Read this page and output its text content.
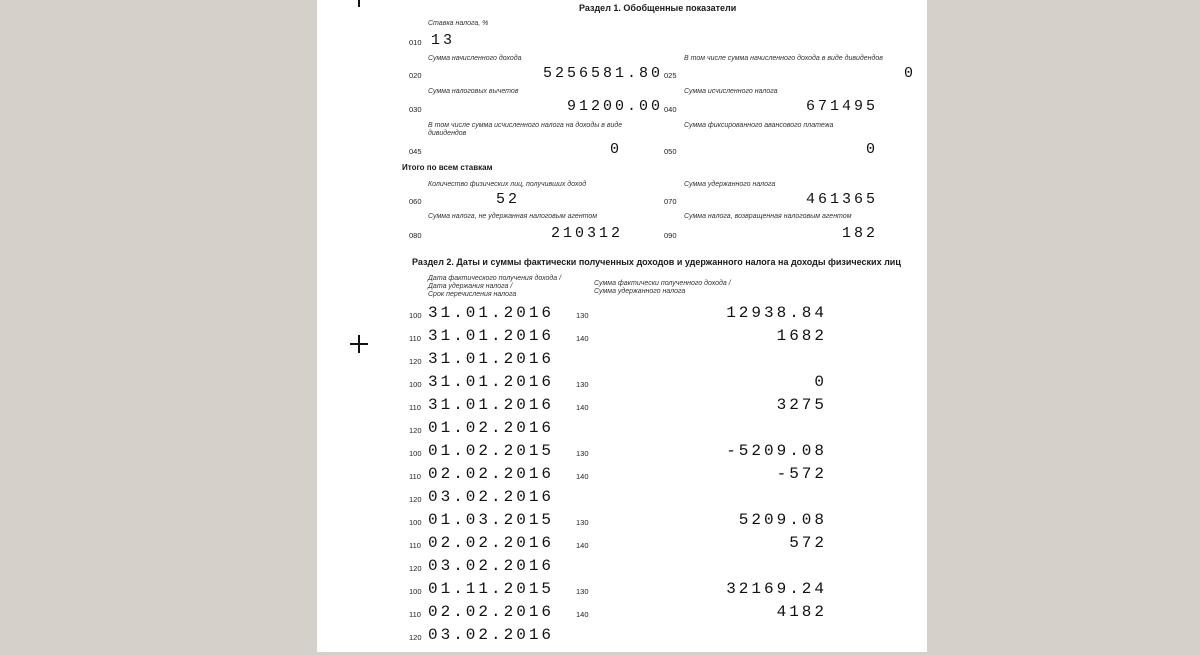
Раздел 1. Обобщенные показатели
Ставка налога, %
010 13
Сумма начисленного дохода
020	5256581.80
В том числе сумма начисленного дохода в виде дивидендов
025	0
Сумма налоговых вычетов
030	91200.00
Сумма исчисленного налога
040	671495
В том числе сумма исчисленного налога на доходы в виде
дивидендов
045	0
Сумма фиксированного авансового платежа
050	0
Итого по всем ставкам
Количество физических лиц, получивших доход
060	52
Сумма удержанного налога
070	461365
Сумма налога, не удержанная налоговым агентом
080	210312
Сумма налога, возвращенная налоговым агентом
090	182
Раздел 2. Даты и суммы фактически полученных доходов и удержанного налога на доходы физических лиц
Дата фактического получения дохода /
Дата удержания налога /
Срок перечисления налога
Сумма фактически полученного дохода /
Сумма удержанного налога
100 31.01.2016	130	12938.84
110 31.01.2016	140	1682
120 31.01.2016
100 31.01.2016	130	0
110 31.01.2016	140	3275
120 01.02.2016
100 01.02.2015	130	-5209.08
110 02.02.2016	140	-572
120 03.02.2016
100 01.03.2015	130	5209.08
110 02.02.2016	140	572
120 03.02.2016
100 01.11.2015	130	32169.24
110 02.02.2016	140	4182
120 03.02.2016
